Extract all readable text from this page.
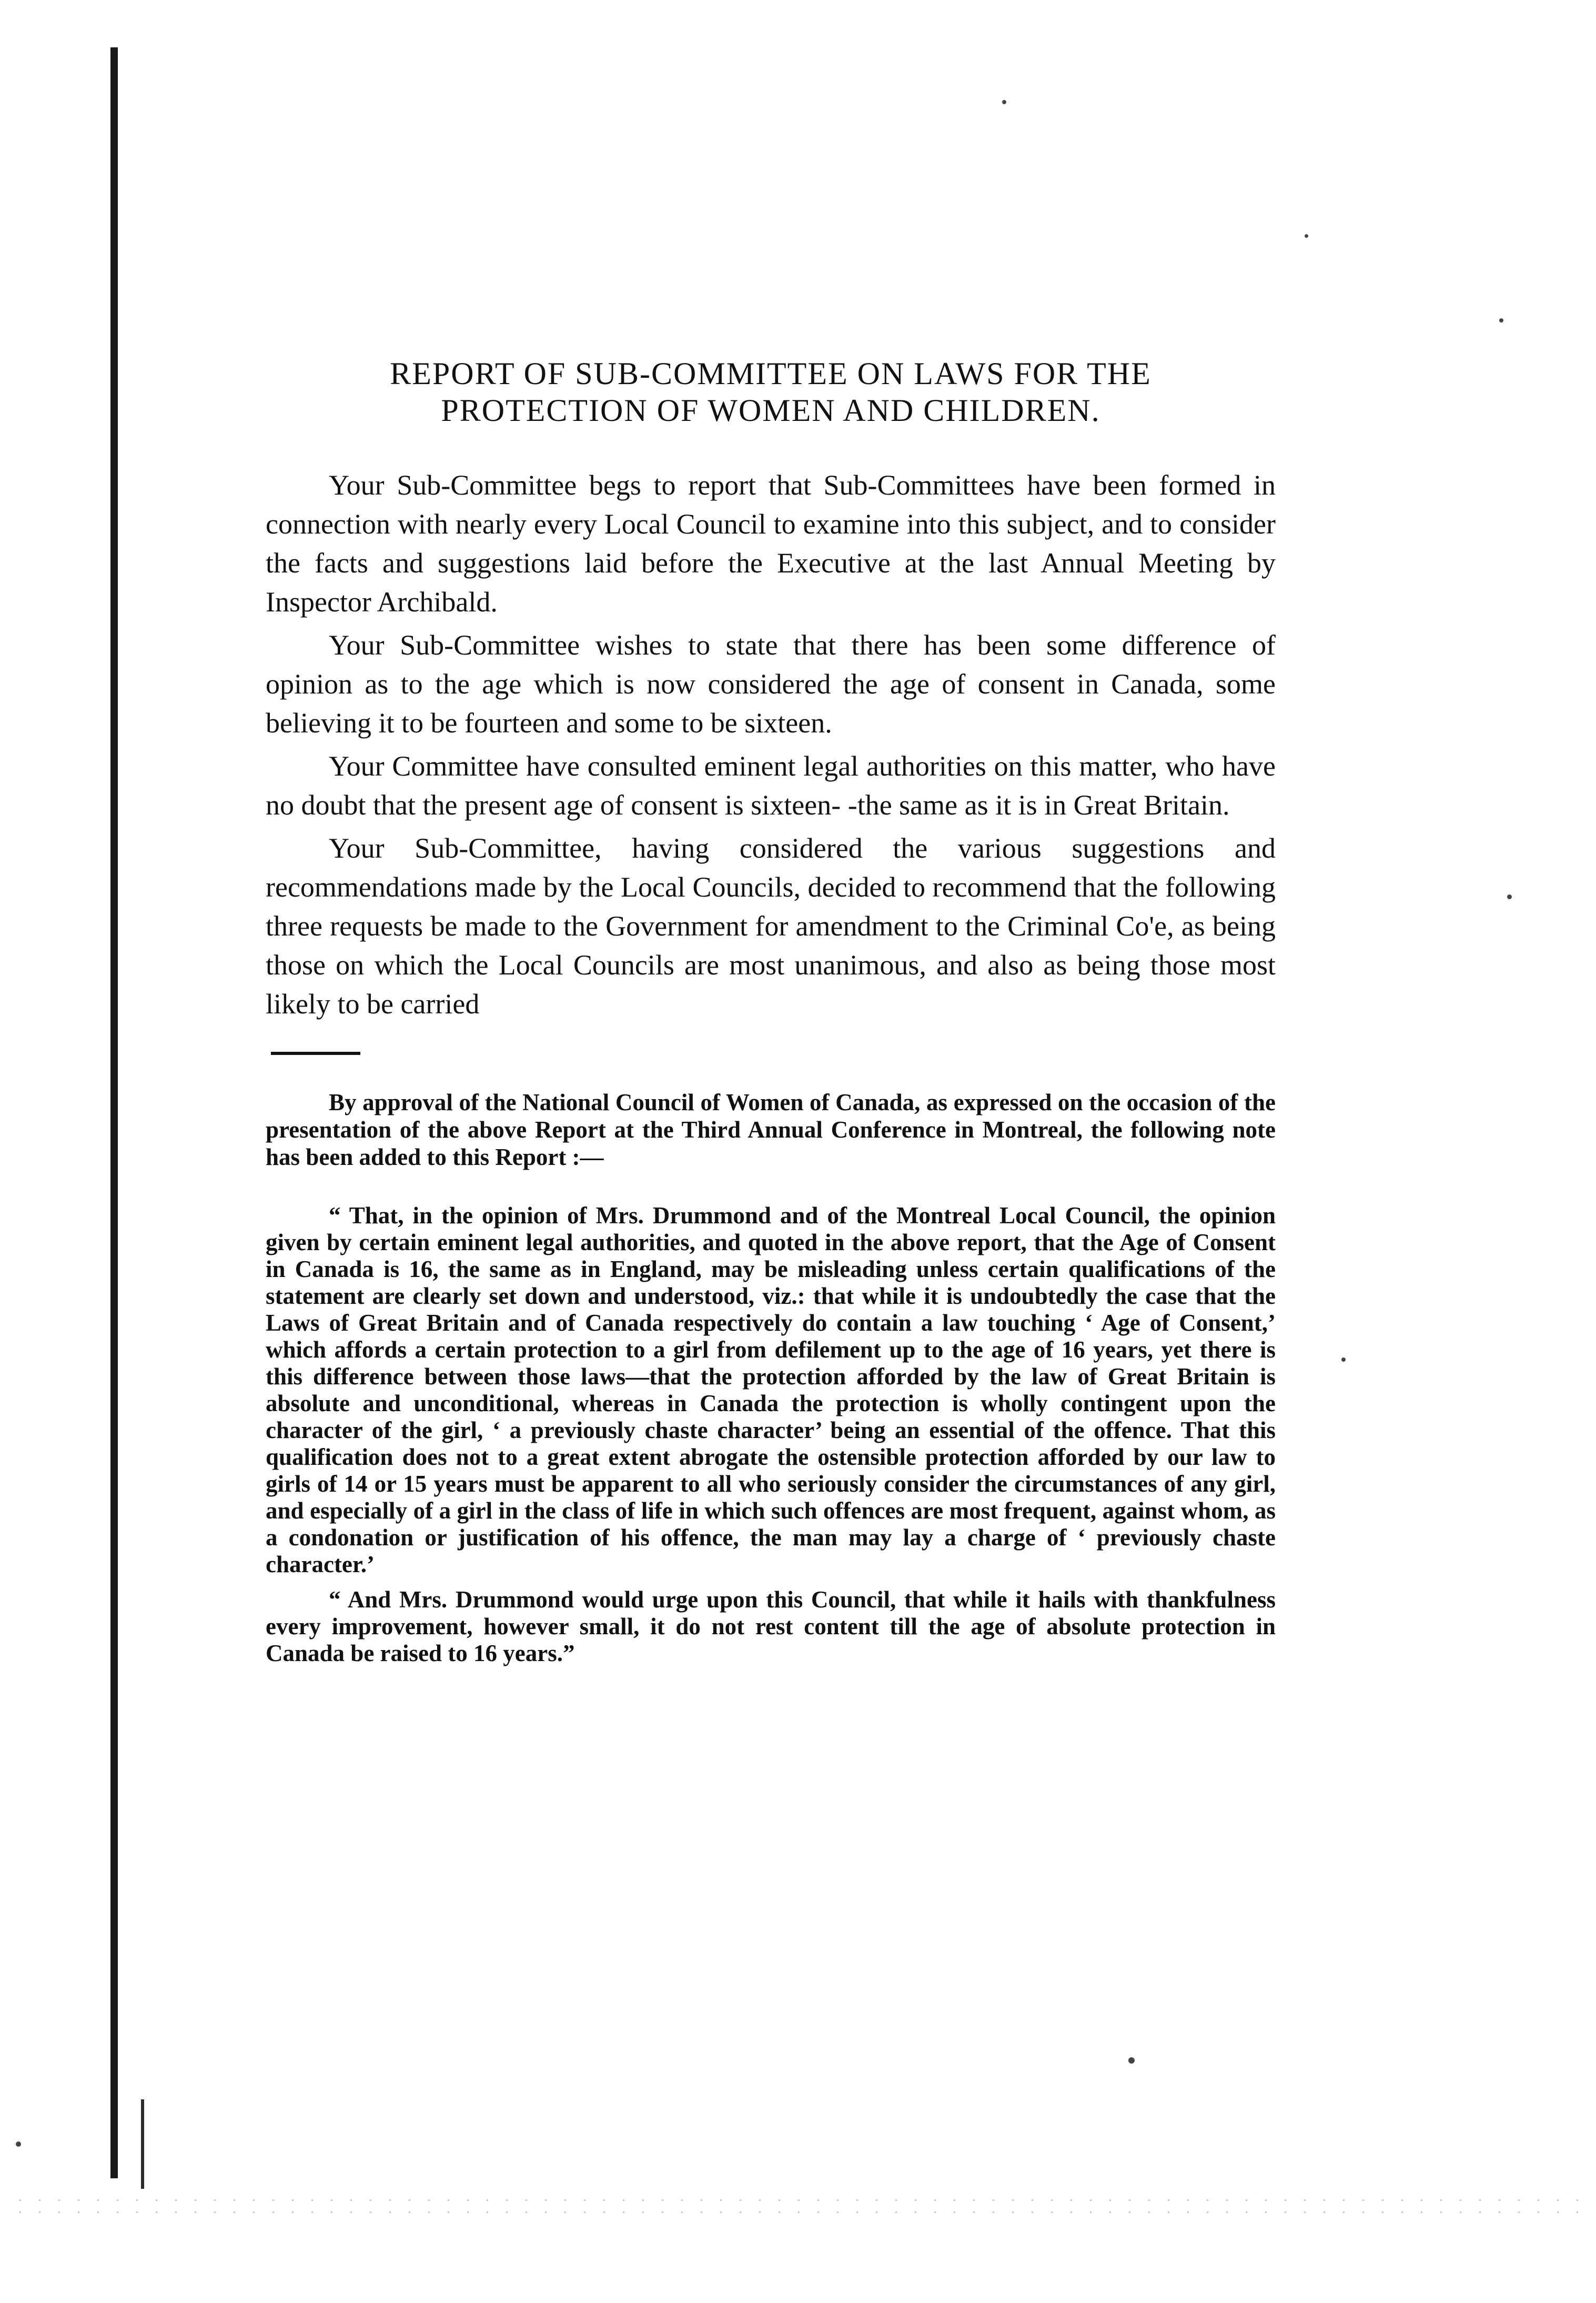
REPORT OF SUB-COMMITTEE ON LAWS FOR THE
PROTECTION OF WOMEN AND CHILDREN.

Your Sub-Committee begs to report that Sub-Committees have been formed in connection with nearly every Local Council to examine into this subject, and to consider the facts and suggestions laid before the Executive at the last Annual Meeting by Inspector Archibald.

Your Sub-Committee wishes to state that there has been some difference of opinion as to the age which is now considered the age of consent in Canada, some believing it to be fourteen and some to be sixteen.

Your Committee have consulted eminent legal authorities on this matter, who have no doubt that the present age of consent is sixteen- -the same as it is in Great Britain.

Your Sub-Committee, having considered the various suggestions and recommendations made by the Local Councils, decided to recommend that the following three requests be made to the Government for amendment to the Criminal Co'e, as being those on which the Local Councils are most unanimous, and also as being those most likely to be carried

By approval of the National Council of Women of Canada, as expressed on the occasion of the presentation of the above Report at the Third Annual Conference in Montreal, the following note has been added to this Report :—

“ That, in the opinion of Mrs. Drummond and of the Montreal Local Council, the opinion given by certain eminent legal authorities, and quoted in the above report, that the Age of Consent in Canada is 16, the same as in England, may be misleading unless certain qualifications of the statement are clearly set down and understood, viz.: that while it is undoubtedly the case that the Laws of Great Britain and of Canada respectively do contain a law touching ‘ Age of Consent,’ which affords a certain protection to a girl from defilement up to the age of 16 years, yet there is this difference between those laws—that the protection afforded by the law of Great Britain is absolute and unconditional, whereas in Canada the protection is wholly contingent upon the character of the girl, ‘ a previously chaste character’ being an essential of the offence. That this qualification does not to a great extent abrogate the ostensible protection afforded by our law to girls of 14 or 15 years must be apparent to all who seriously consider the circumstances of any girl, and especially of a girl in the class of life in which such offences are most frequent, against whom, as a condonation or justification of his offence, the man may lay a charge of ‘ previously chaste character.’

“ And Mrs. Drummond would urge upon this Council, that while it hails with thankfulness every improvement, however small, it do not rest content till the age of absolute protection in Canada be raised to 16 years.”
